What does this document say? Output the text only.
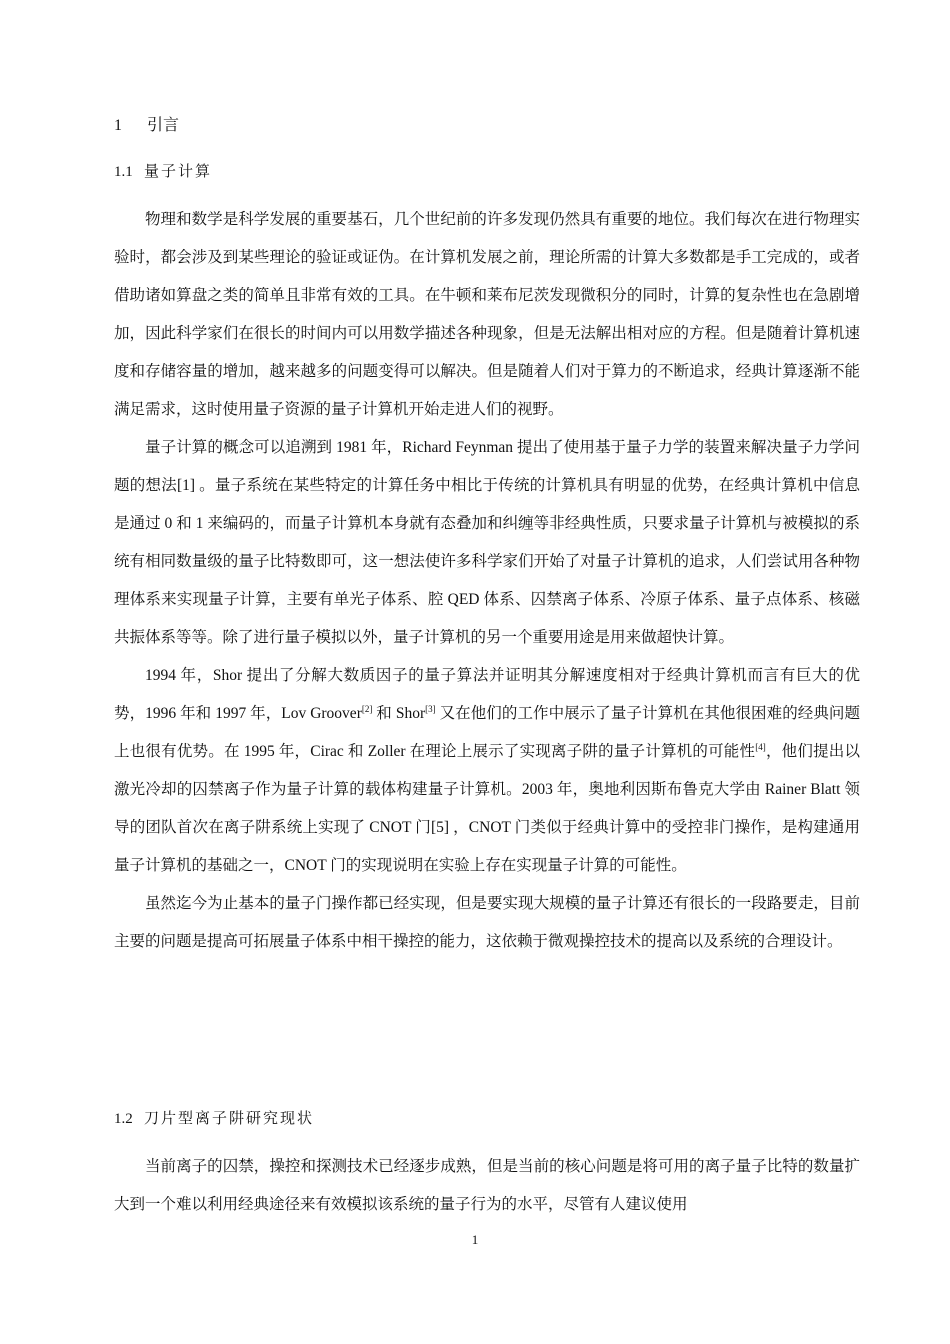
1 引言
1.1 量子计算

物理和数学是科学发展的重要基石，几个世纪前的许多发现仍然具有重要的地位。我们每次在进行物理实验时，都会涉及到某些理论的验证或证伪。在计算机发展之前，理论所需的计算大多数都是手工完成的，或者借助诸如算盘之类的简单且非常有效的工具。在牛顿和莱布尼茨发现微积分的同时，计算的复杂性也在急剧增加，因此科学家们在很长的时间内可以用数学描述各种现象，但是无法解出相对应的方程。但是随着计算机速度和存储容量的增加，越来越多的问题变得可以解决。但是随着人们对于算力的不断追求，经典计算逐渐不能满足需求，这时使用量子资源的量子计算机开始走进人们的视野。

量子计算的概念可以追溯到 1981 年，Richard Feynman 提出了使用基于量子力学的装置来解决量子力学问题的想法[1] 。量子系统在某些特定的计算任务中相比于传统的计算机具有明显的优势，在经典计算机中信息是通过 0 和 1 来编码的，而量子计算机本身就有态叠加和纠缠等非经典性质，只要求量子计算机与被模拟的系统有相同数量级的量子比特数即可，这一想法使许多科学家们开始了对量子计算机的追求，人们尝试用各种物理体系来实现量子计算，主要有单光子体系、腔 QED 体系、囚禁离子体系、冷原子体系、量子点体系、核磁共振体系等等。除了进行量子模拟以外，量子计算机的另一个重要用途是用来做超快计算。

1994 年，Shor 提出了分解大数质因子的量子算法并证明其分解速度相对于经典计算机而言有巨大的优势，1996 年和 1997 年，Lov Groover[2] 和 Shor[3] 又在他们的工作中展示了量子计算机在其他很困难的经典问题上也很有优势。在 1995 年，Cirac 和 Zoller 在理论上展示了实现离子阱的量子计算机的可能性[4]，他们提出以激光冷却的囚禁离子作为量子计算的载体构建量子计算机。2003 年，奥地利因斯布鲁克大学由 Rainer Blatt 领导的团队首次在离子阱系统上实现了 CNOT 门[5] ，CNOT 门类似于经典计算中的受控非门操作，是构建通用量子计算机的基础之一，CNOT 门的实现说明在实验上存在实现量子计算的可能性。

虽然迄今为止基本的量子门操作都已经实现，但是要实现大规模的量子计算还有很长的一段路要走，目前主要的问题是提高可拓展量子体系中相干操控的能力，这依赖于微观操控技术的提高以及系统的合理设计。

1.2 刀片型离子阱研究现状

当前离子的囚禁，操控和探测技术已经逐步成熟，但是当前的核心问题是将可用的离子量子比特的数量扩大到一个难以利用经典途径来有效模拟该系统的量子行为的水平，尽管有人建议使用

1
